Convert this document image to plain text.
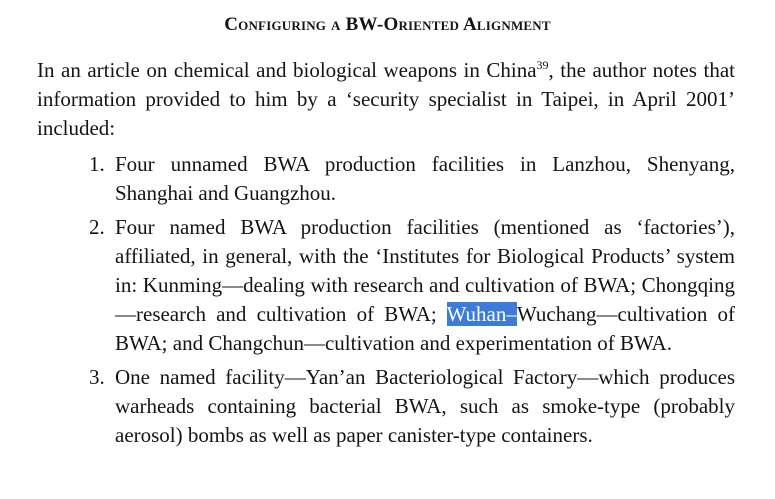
Configuring a BW-Oriented Alignment

In an article on chemical and biological weapons in China$^{39}$, the author notes that information provided to him by a ‘security specialist in Taipei, in April 2001’ included:

1. Four unnamed BWA production facilities in Lanzhou, Shenyang, Shanghai and Guangzhou.
2. Four named BWA production facilities (mentioned as ‘factories’), affiliated, in general, with the ‘Institutes for Biological Products’ system in: Kunming—dealing with research and cultivation of BWA; Chongqing—research and cultivation of BWA; Wuhan–Wuchang—cultivation of BWA; and Changchun—cultivation and experimentation of BWA.
3. One named facility—Yan’an Bacteriological Factory—which produces warheads containing bacterial BWA, such as smoke-type (probably aerosol) bombs as well as paper canister-type containers.
